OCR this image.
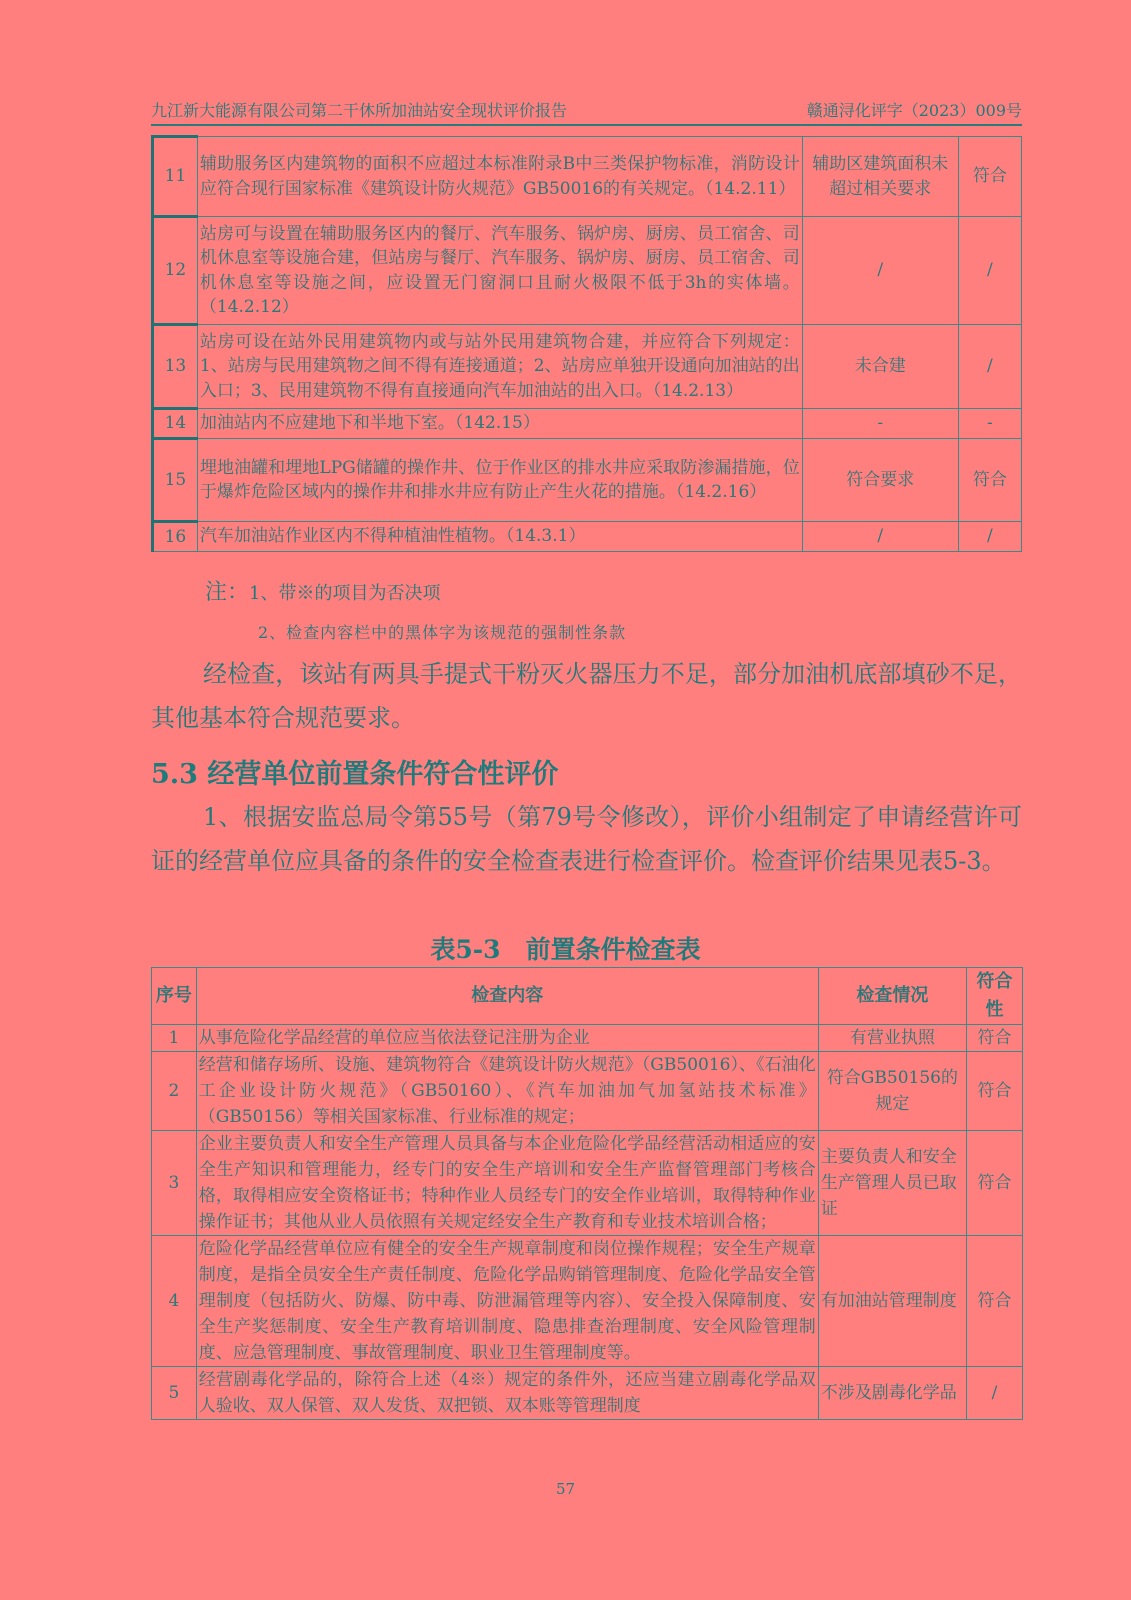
九江新大能源有限公司第二干休所加油站安全现状评价报告	赣通浔化评字（2023）009号
11	辅助服务区内建筑物的面积不应超过本标准附录B中三类保护物标准，消防设计应符合现行国家标准《建筑设计防火规范》GB50016的有关规定。（14.2.11）	辅助区建筑面积未超过相关要求	符合
12	站房可与设置在辅助服务区内的餐厅、汽车服务、锅炉房、厨房、员工宿舍、司机休息室等设施合建，但站房与餐厅、汽车服务、锅炉房、厨房、员工宿舍、司机休息室等设施之间，应设置无门窗洞口且耐火极限不低于3h的实体墙。（14.2.12）	/	/
13	站房可设在站外民用建筑物内或与站外民用建筑物合建，并应符合下列规定：1、站房与民用建筑物之间不得有连接通道；2、站房应单独开设通向加油站的出入口；3、民用建筑物不得有直接通向汽车加油站的出入口。（14.2.13）	未合建	/
14	加油站内不应建地下和半地下室。（142.15）	-	-
15	埋地油罐和埋地LPG储罐的操作井、位于作业区的排水井应采取防渗漏措施，位于爆炸危险区域内的操作井和排水井应有防止产生火花的措施。（14.2.16）	符合要求	符合
16	汽车加油站作业区内不得种植油性植物。（14.3.1）	/	/
注：1、带※的项目为否决项
2、检查内容栏中的黑体字为该规范的强制性条款
经检查，该站有两具手提式干粉灭火器压力不足，部分加油机底部填砂不足，其他基本符合规范要求。
5.3 经营单位前置条件符合性评价
1、根据安监总局令第55号（第79号令修改），评价小组制定了申请经营许可证的经营单位应具备的条件的安全检查表进行检查评价。检查评价结果见表5-3。
表5-3　前置条件检查表
序号	检查内容	检查情况	符合性
1	从事危险化学品经营的单位应当依法登记注册为企业	有营业执照	符合
2	经营和储存场所、设施、建筑物符合《建筑设计防火规范》（GB50016）、《石油化工企业设计防火规范》（GB50160）、《汽车加油加气加氢站技术标准》（GB50156）等相关国家标准、行业标准的规定；	符合GB50156的规定	符合
3	企业主要负责人和安全生产管理人员具备与本企业危险化学品经营活动相适应的安全生产知识和管理能力，经专门的安全生产培训和安全生产监督管理部门考核合格，取得相应安全资格证书；特种作业人员经专门的安全作业培训，取得特种作业操作证书；其他从业人员依照有关规定经安全生产教育和专业技术培训合格；	主要负责人和安全生产管理人员已取证	符合
4	危险化学品经营单位应有健全的安全生产规章制度和岗位操作规程；安全生产规章制度，是指全员安全生产责任制度、危险化学品购销管理制度、危险化学品安全管理制度（包括防火、防爆、防中毒、防泄漏管理等内容）、安全投入保障制度、安全生产奖惩制度、安全生产教育培训制度、隐患排查治理制度、安全风险管理制度、应急管理制度、事故管理制度、职业卫生管理制度等。	有加油站管理制度	符合
5	经营剧毒化学品的，除符合上述（4※）规定的条件外，还应当建立剧毒化学品双人验收、双人保管、双人发货、双把锁、双本账等管理制度	不涉及剧毒化学品	/
57
